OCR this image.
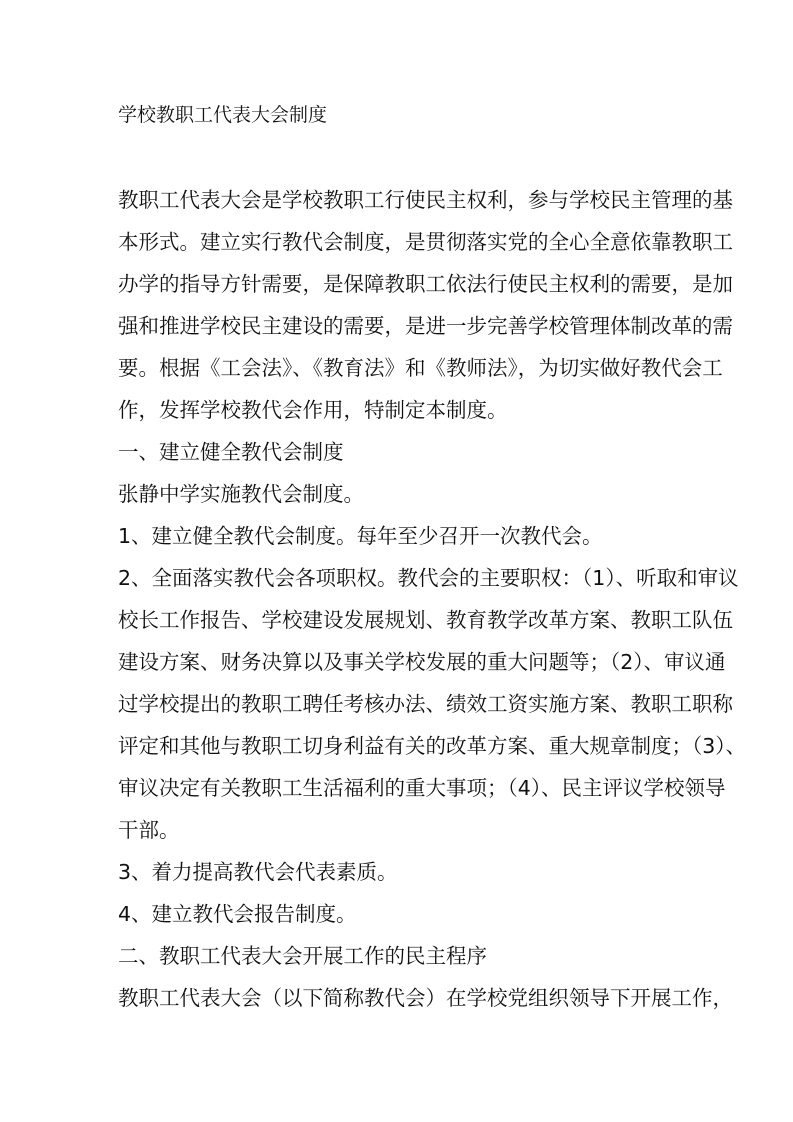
学校教职工代表大会制度
教职工代表大会是学校教职工行使民主权利，参与学校民主管理的基
本形式。建立实行教代会制度，是贯彻落实党的全心全意依靠教职工
办学的指导方针需要，是保障教职工依法行使民主权利的需要，是加
强和推进学校民主建设的需要，是进一步完善学校管理体制改革的需
要。根据《工会法》、《教育法》和《教师法》，为切实做好教代会工
作，发挥学校教代会作用，特制定本制度。
一、建立健全教代会制度
张静中学实施教代会制度。
1、建立健全教代会制度。每年至少召开一次教代会。
2、全面落实教代会各项职权。教代会的主要职权：（1）、听取和审议
校长工作报告、学校建设发展规划、教育教学改革方案、教职工队伍
建设方案、财务决算以及事关学校发展的重大问题等；（2）、审议通
过学校提出的教职工聘任考核办法、绩效工资实施方案、教职工职称
评定和其他与教职工切身利益有关的改革方案、重大规章制度；（3）、
审议决定有关教职工生活福利的重大事项；（4）、民主评议学校领导
干部。
3、着力提高教代会代表素质。
4、建立教代会报告制度。
二、教职工代表大会开展工作的民主程序
教职工代表大会（以下简称教代会）在学校党组织领导下开展工作，
